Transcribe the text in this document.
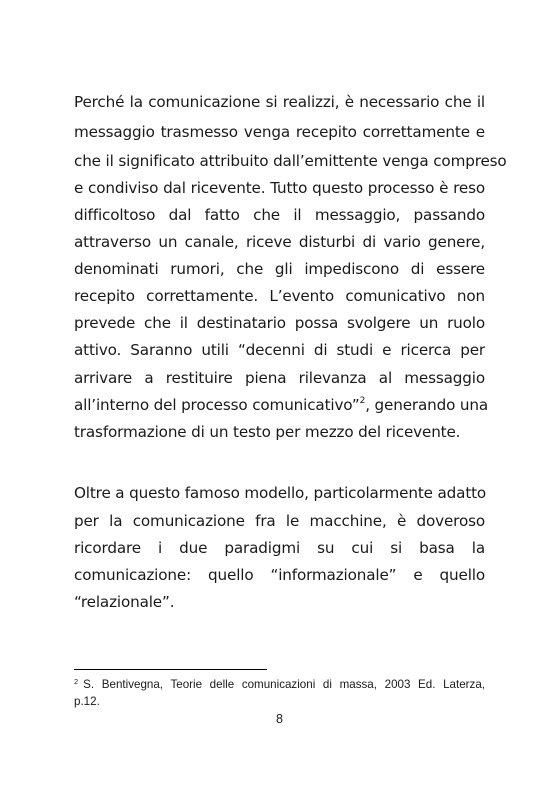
Perché la comunicazione si realizzi, è necessario che il
messaggio trasmesso venga recepito correttamente e
che il significato attribuito dall’emittente venga compreso
e condiviso dal ricevente. Tutto questo processo è reso
difficoltoso dal fatto che il messaggio, passando
attraverso un canale, riceve disturbi di vario genere,
denominati rumori, che gli impediscono di essere
recepito correttamente. L’evento comunicativo non
prevede che il destinatario possa svolgere un ruolo
attivo. Saranno utili “decenni di studi e ricerca per
arrivare a restituire piena rilevanza al messaggio
all’interno del processo comunicativo”$^2$, generando una
trasformazione di un testo per mezzo del ricevente.
Oltre a questo famoso modello, particolarmente adatto
per la comunicazione fra le macchine, è doveroso
ricordare i due paradigmi su cui si basa la
comunicazione: quello “informazionale” e quello
“relazionale”.
$^2$ S. Bentivegna, Teorie delle comunicazioni di massa, 2003 Ed. Laterza,
p.12.
8
